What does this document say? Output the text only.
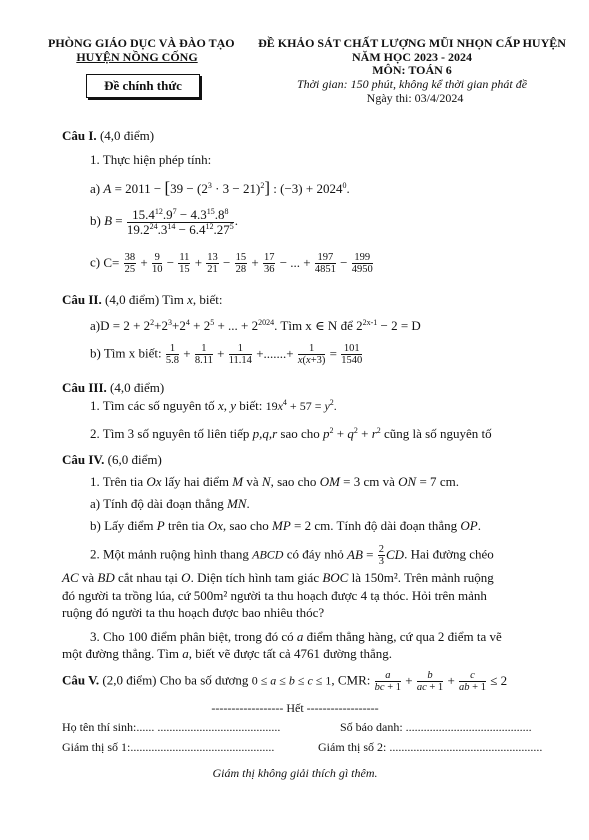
PHÒNG GIÁO DỤC VÀ ĐÀO TẠO
HUYỆN NỒNG CỐNG
Đề chính thức
ĐỀ KHẢO SÁT CHẤT LƯỢNG MŨI NHỌN CẤP HUYỆN
NĂM HỌC 2023 - 2024
MÔN: TOÁN 6
Thời gian: 150 phút, không kể thời gian phát đề
Ngày thi: 03/4/2024
Câu I. (4,0 điểm)
1. Thực hiện phép tính:
a) $A = 2011 - [39 - (2^3 \cdot 3 - 21)^2]$ : $(-3) + 2024^0$.
b) $B = \frac{15.4^{12}.9^7 - 4.3^{15}.8^8}{19.2^{24}.3^{14} - 6.4^{12}.27^5}$ .
c) $C= \frac{38}{25} + \frac{9}{10} - \frac{11}{15} + \frac{13}{21} - \frac{15}{28} + \frac{17}{36}$ − ... + $\frac{197}{4851} - \frac{199}{4950}$
Câu II. (4,0 điểm) Tìm x, biết:
$a)D = 2 + 2^2+2^3+2^4 + 2^5$ + ... + $2^{2024}$. Tìm x ∈ N để $2^{2x-1} - 2 = D$
b) Tìm x biết: $\frac{1}{5.8} + \frac{1}{8.11} + \frac{1}{11.14}$ +.......+ $\frac{1}{x(x+3)} = \frac{101}{1540}$
Câu III. (4,0 điểm)
1. Tìm các số nguyên tố x, y biết: $19x^4 + 57 = y^2$.
2. Tìm 3 số nguyên tố liên tiếp p,q,r sao cho $p^2 + q^2 + r^2$ cũng là số nguyên tố
Câu IV. (6,0 điểm)
1. Trên tia Ox lấy hai điểm M và N, sao cho OM = 3 cm và ON = 7 cm.
a) Tính độ dài đoạn thẳng MN.
b) Lấy điểm P trên tia Ox, sao cho MP = 2 cm. Tính độ dài đoạn thẳng OP.
2. Một mảnh ruộng hình thang ABCD có đáy nhỏ AB = $\frac{2}{3}$ CD. Hai đường chéo
AC và BD cắt nhau tại O. Diện tích hình tam giác BOC là 150m². Trên mảnh ruộng
đó người ta trồng lúa, cứ 500m² người ta thu hoạch được 4 tạ thóc. Hỏi trên mảnh
ruộng đó người ta thu hoạch được bao nhiêu thóc?
3. Cho 100 điểm phân biệt, trong đó có a điểm thẳng hàng, cứ qua 2 điểm ta vẽ
một đường thẳng. Tìm a, biết vẽ được tất cả 4761 đường thẳng.
Câu V. (2,0 điểm) Cho ba số dương 0 ≤ a ≤ b ≤ c ≤ 1, CMR: $\frac{a}{bc + 1} + \frac{b}{ac + 1} + \frac{c}{ab + 1} \le 2$
------------------ Hết ------------------
Họ tên thí sinh:...... .........................................	Số báo danh: ..........................................
Giám thị số 1:................................................	Giám thị số 2: ...................................................
Giám thị không giải thích gì thêm.
